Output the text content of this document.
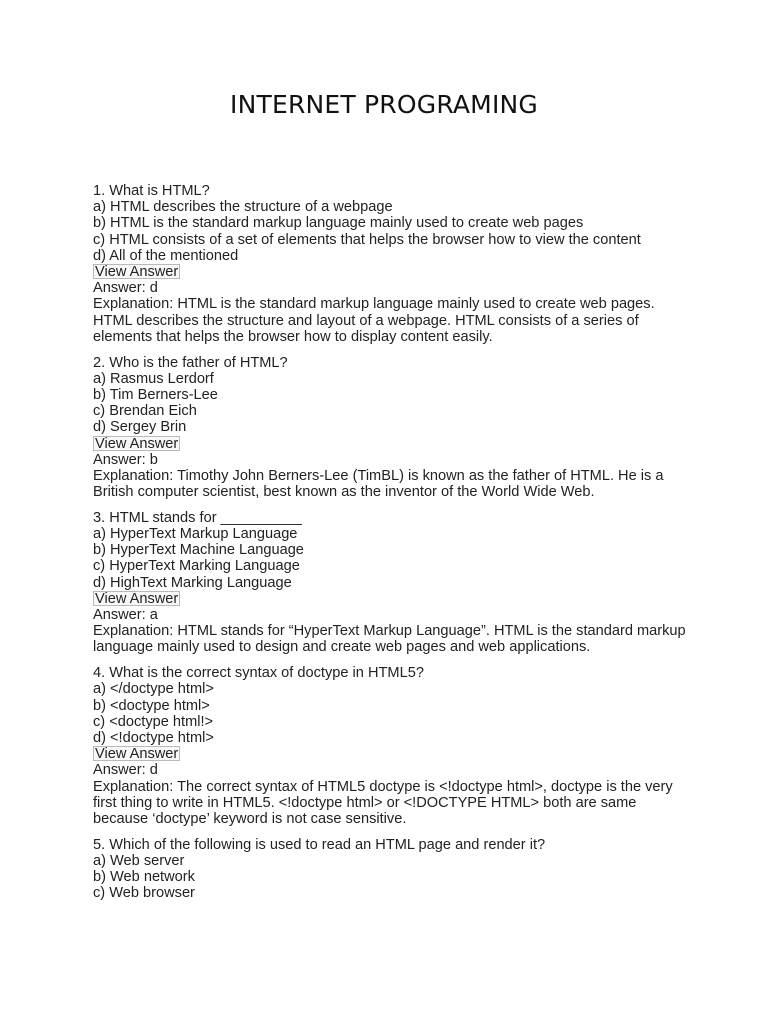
INTERNET PROGRAMING
1. What is HTML?
a) HTML describes the structure of a webpage
b) HTML is the standard markup language mainly used to create web pages
c) HTML consists of a set of elements that helps the browser how to view the content
d) All of the mentioned
View Answer
Answer: d
Explanation: HTML is the standard markup language mainly used to create web pages. HTML describes the structure and layout of a webpage. HTML consists of a series of elements that helps the browser how to display content easily.
2. Who is the father of HTML?
a) Rasmus Lerdorf
b) Tim Berners-Lee
c) Brendan Eich
d) Sergey Brin
View Answer
Answer: b
Explanation: Timothy John Berners-Lee (TimBL) is known as the father of HTML. He is a British computer scientist, best known as the inventor of the World Wide Web.
3. HTML stands for __________
a) HyperText Markup Language
b) HyperText Machine Language
c) HyperText Marking Language
d) HighText Marking Language
View Answer
Answer: a
Explanation: HTML stands for “HyperText Markup Language”. HTML is the standard markup language mainly used to design and create web pages and web applications.
4. What is the correct syntax of doctype in HTML5?
a) </doctype html>
b) <doctype html>
c) <doctype html!>
d) <!doctype html>
View Answer
Answer: d
Explanation: The correct syntax of HTML5 doctype is <!doctype html>, doctype is the very first thing to write in HTML5. <!doctype html> or <!DOCTYPE HTML> both are same because ‘doctype’ keyword is not case sensitive.
5. Which of the following is used to read an HTML page and render it?
a) Web server
b) Web network
c) Web browser
